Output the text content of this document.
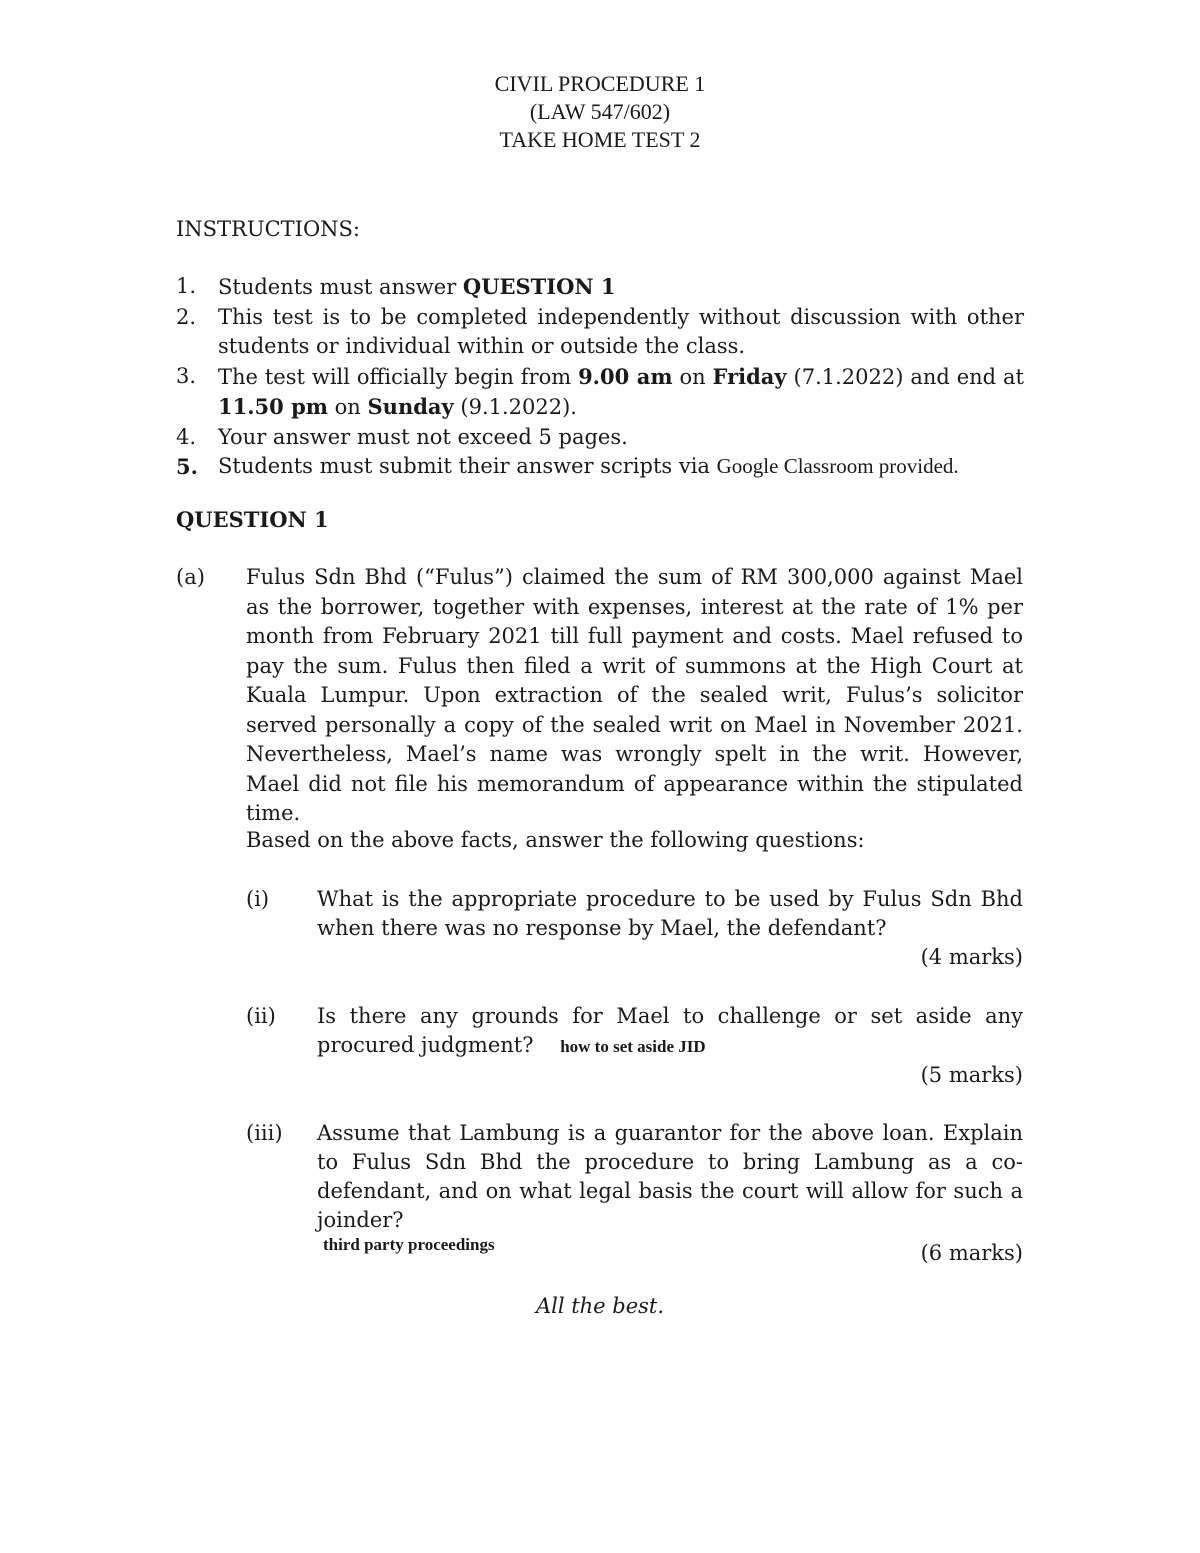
CIVIL PROCEDURE 1
(LAW 547/602)
TAKE HOME TEST 2
INSTRUCTIONS:
1.	Students must answer QUESTION 1
2.	This test is to be completed independently without discussion with other students or individual within or outside the class.
3.	The test will officially begin from 9.00 am on Friday (7.1.2022) and end at 11.50 pm on Sunday (9.1.2022).
4.	Your answer must not exceed 5 pages.
5. Students must submit their answer scripts via Google Classroom provided.
QUESTION 1
(a) Fulus Sdn Bhd (“Fulus”) claimed the sum of RM 300,000 against Mael as the borrower, together with expenses, interest at the rate of 1% per month from February 2021 till full payment and costs. Mael refused to pay the sum. Fulus then filed a writ of summons at the High Court at Kuala Lumpur. Upon extraction of the sealed writ, Fulus’s solicitor served personally a copy of the sealed writ on Mael in November 2021. Nevertheless, Mael’s name was wrongly spelt in the writ. However, Mael did not file his memorandum of appearance within the stipulated time.
Based on the above facts, answer the following questions:
(i)	What is the appropriate procedure to be used by Fulus Sdn Bhd when there was no response by Mael, the defendant?
(4 marks)
(ii)	Is there any grounds for Mael to challenge or set aside any procured judgment? how to set aside JID
(5 marks)
(iii)	Assume that Lambung is a guarantor for the above loan. Explain to Fulus Sdn Bhd the procedure to bring Lambung as a co-defendant, and on what legal basis the court will allow for such a joinder?
third party proceedings	(6 marks)
All the best.
